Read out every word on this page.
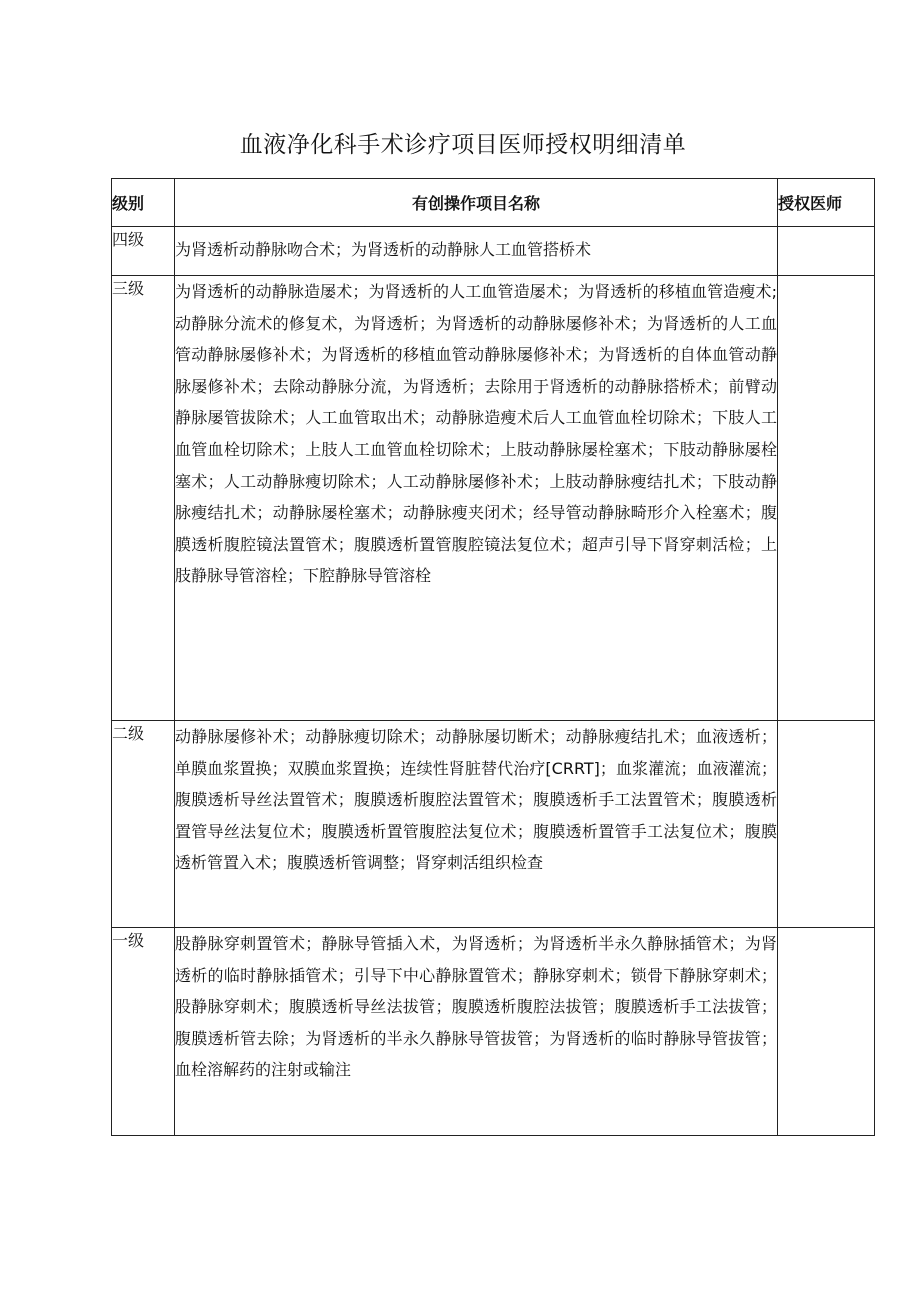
血液净化科手术诊疗项目医师授权明细清单
级别	有创操作项目名称	授权医师
四级	为肾透析动静脉吻合术；为肾透析的动静脉人工血管搭桥术	
三级	为肾透析的动静脉造屡术；为肾透析的人工血管造屡术；为肾透析的移植血管造瘦术;动静脉分流术的修复术，为肾透析；为肾透析的动静脉屡修补术；为肾透析的人工血管动静脉屡修补术；为肾透析的移植血管动静脉屡修补术；为肾透析的自体血管动静脉屡修补术；去除动静脉分流，为肾透析；去除用于肾透析的动静脉搭桥术；前臂动静脉屡管拔除术；人工血管取出术；动静脉造瘦术后人工血管血栓切除术；下肢人工血管血栓切除术；上肢人工血管血栓切除术；上肢动静脉屡栓塞术；下肢动静脉屡栓塞术；人工动静脉瘦切除术；人工动静脉屡修补术；上肢动静脉瘦结扎术；下肢动静脉瘦结扎术；动静脉屡栓塞术；动静脉瘦夹闭术；经导管动静脉畸形介入栓塞术；腹膜透析腹腔镜法置管术；腹膜透析置管腹腔镜法复位术；超声引导下肾穿刺活检；上肢静脉导管溶栓；下腔静脉导管溶栓	
二级	动静脉屡修补术；动静脉瘦切除术；动静脉屡切断术；动静脉瘦结扎术；血液透析；单膜血浆置换；双膜血浆置换；连续性肾脏替代治疗[CRRT]；血浆灌流；血液灌流；腹膜透析导丝法置管术；腹膜透析腹腔法置管术；腹膜透析手工法置管术；腹膜透析置管导丝法复位术；腹膜透析置管腹腔法复位术；腹膜透析置管手工法复位术；腹膜透析管置入术；腹膜透析管调整；肾穿刺活组织检查	
一级	股静脉穿刺置管术；静脉导管插入术，为肾透析；为肾透析半永久静脉插管术；为肾透析的临时静脉插管术；引导下中心静脉置管术；静脉穿刺术；锁骨下静脉穿刺术；股静脉穿刺术；腹膜透析导丝法拔管；腹膜透析腹腔法拔管；腹膜透析手工法拔管；腹膜透析管去除；为肾透析的半永久静脉导管拔管；为肾透析的临时静脉导管拔管；血栓溶解药的注射或输注	
